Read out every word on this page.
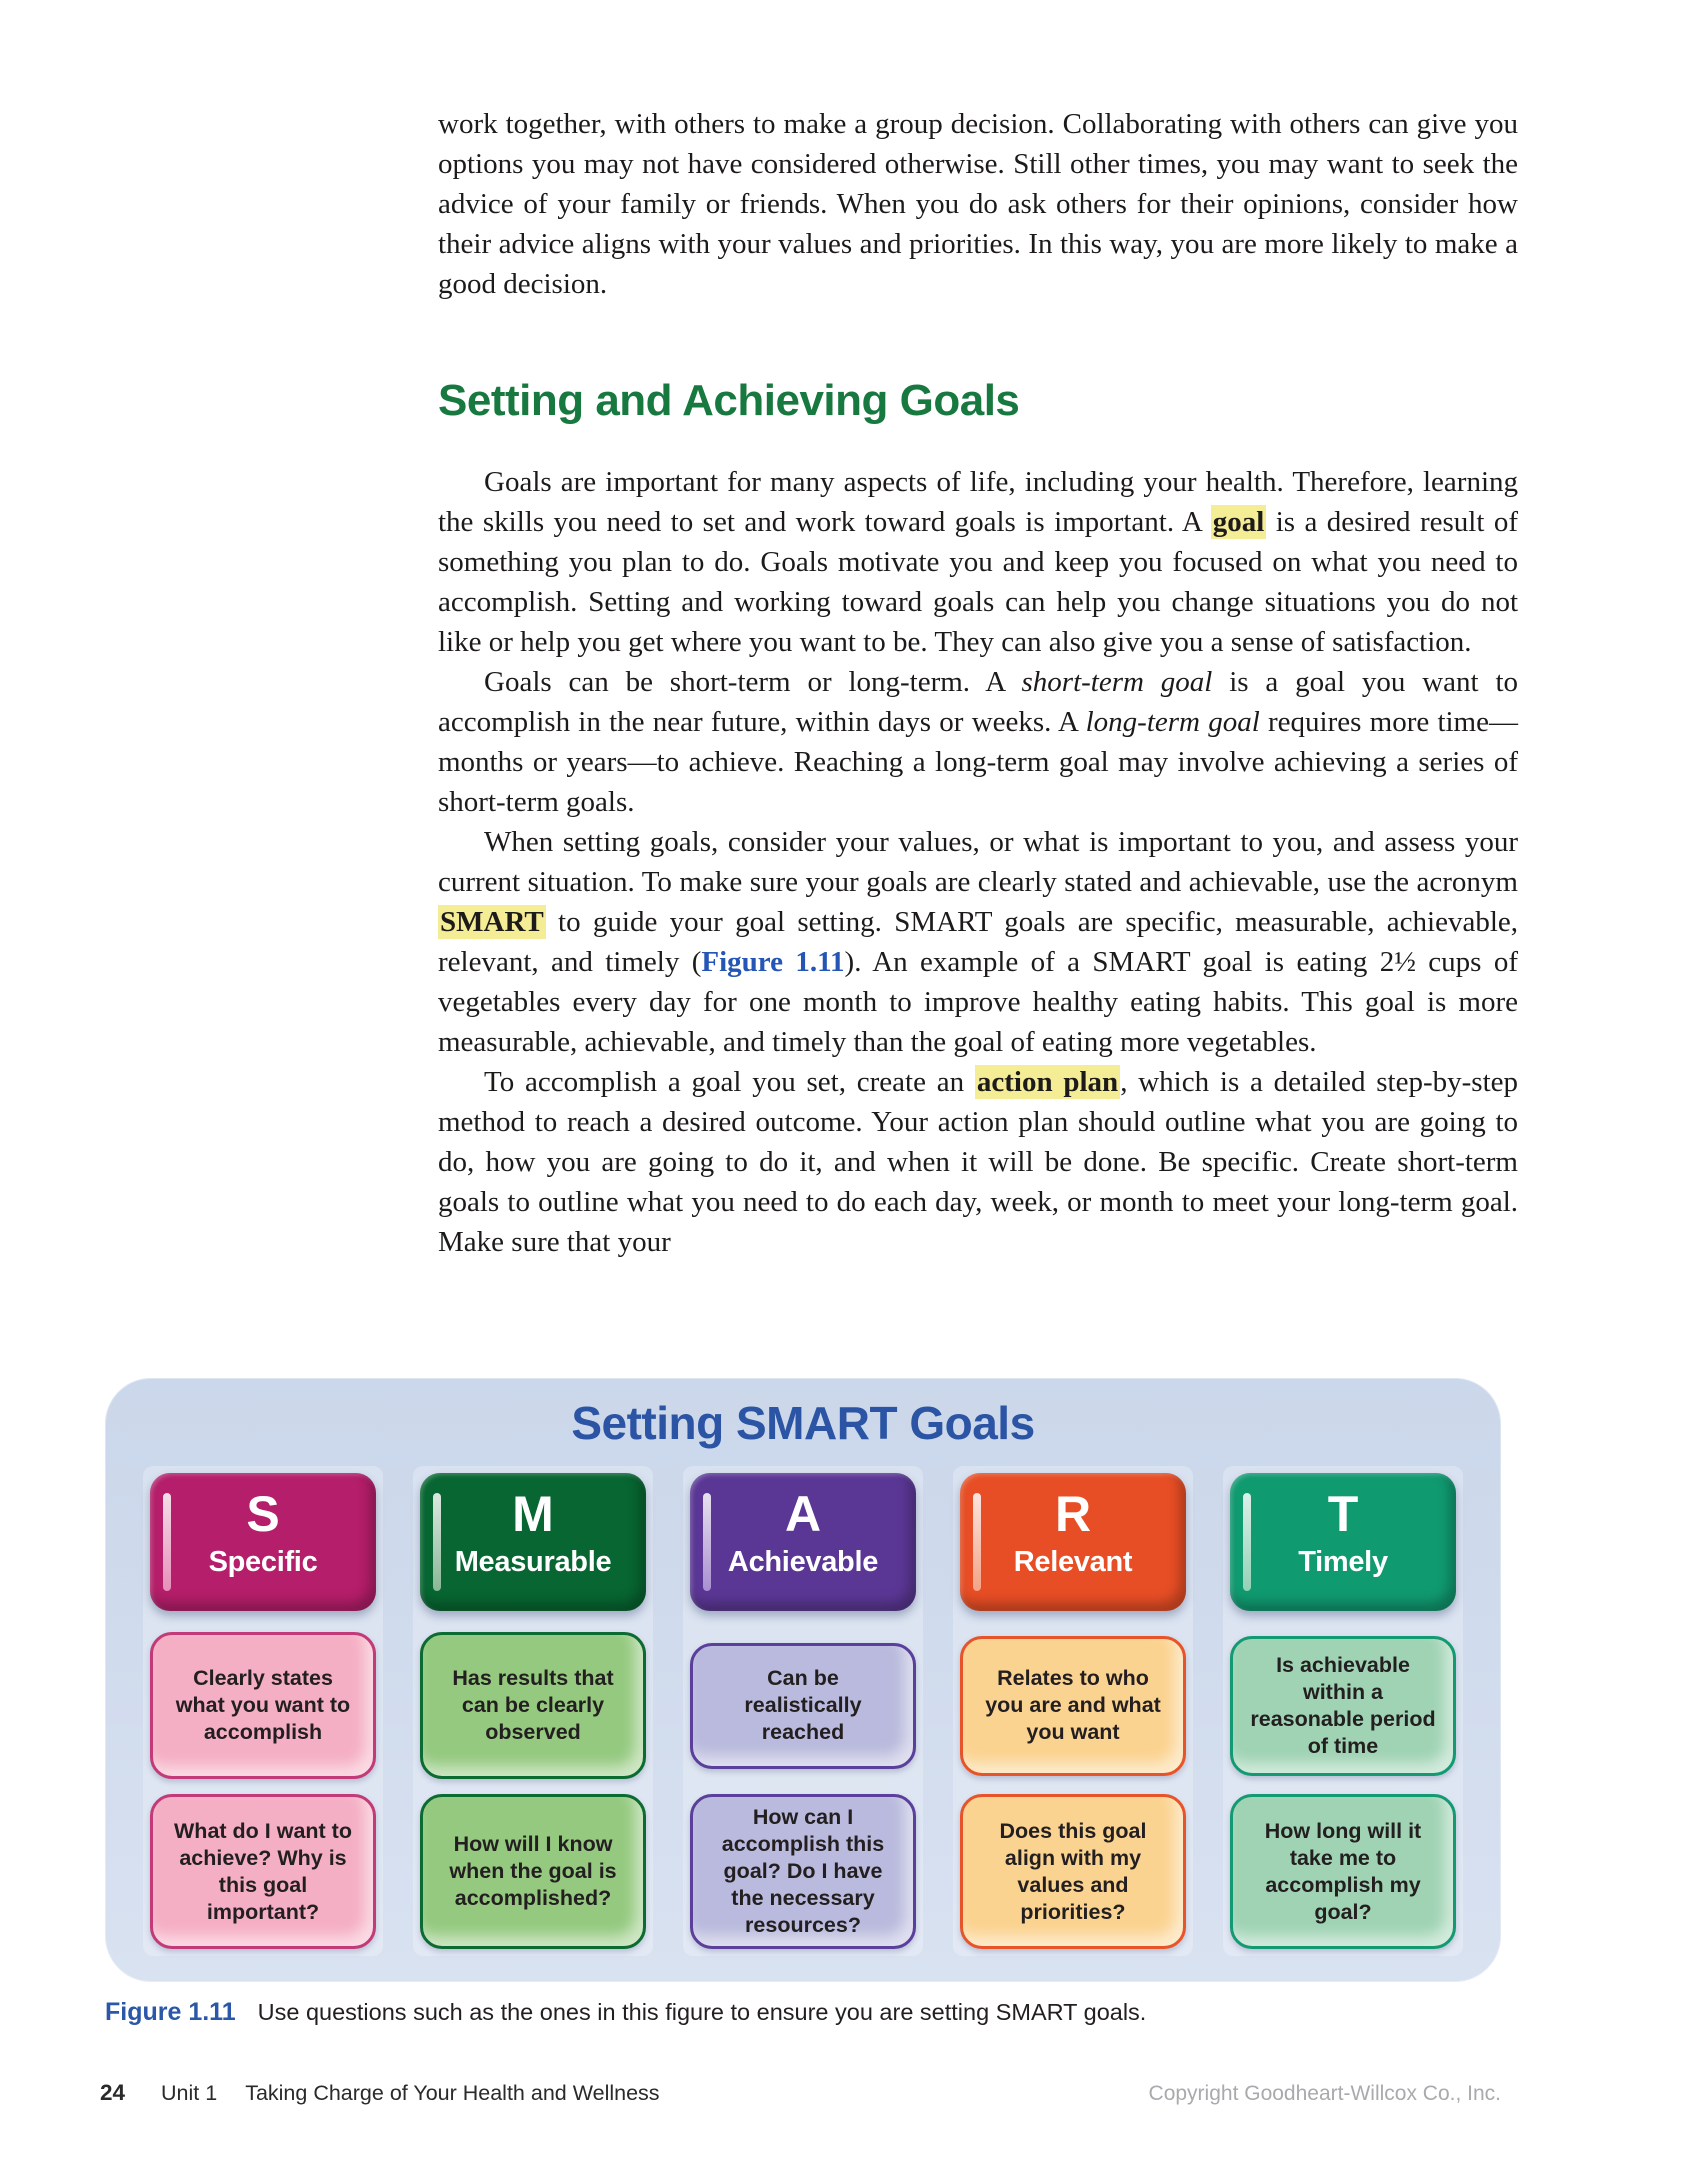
work together, with others to make a group decision. Collaborating with others can give you options you may not have considered otherwise. Still other times, you may want to seek the advice of your family or friends. When you do ask others for their opinions, consider how their advice aligns with your values and priorities. In this way, you are more likely to make a good decision.

Setting and Achieving Goals

Goals are important for many aspects of life, including your health. Therefore, learning the skills you need to set and work toward goals is important. A goal is a desired result of something you plan to do. Goals motivate you and keep you focused on what you need to accomplish. Setting and working toward goals can help you change situations you do not like or help you get where you want to be. They can also give you a sense of satisfaction.

Goals can be short-term or long-term. A short-term goal is a goal you want to accomplish in the near future, within days or weeks. A long-term goal requires more time—months or years—to achieve. Reaching a long-term goal may involve achieving a series of short-term goals.

When setting goals, consider your values, or what is important to you, and assess your current situation. To make sure your goals are clearly stated and achievable, use the acronym SMART to guide your goal setting. SMART goals are specific, measurable, achievable, relevant, and timely (Figure 1.11). An example of a SMART goal is eating 2½ cups of vegetables every day for one month to improve healthy eating habits. This goal is more measurable, achievable, and timely than the goal of eating more vegetables.

To accomplish a goal you set, create an action plan, which is a detailed step-by-step method to reach a desired outcome. Your action plan should outline what you are going to do, how you are going to do it, and when it will be done. Be specific. Create short-term goals to outline what you need to do each day, week, or month to meet your long-term goal. Make sure that your

Setting SMART Goals
S
Specific
Clearly states what you want to accomplish
What do I want to achieve? Why is this goal important?
M
Measurable
Has results that can be clearly observed
How will I know when the goal is accomplished?
A
Achievable
Can be realistically reached
How can I accomplish this goal? Do I have the necessary resources?
R
Relevant
Relates to who you are and what you want
Does this goal align with my values and priorities?
T
Timely
Is achievable within a reasonable period of time
How long will it take me to accomplish my goal?
Figure 1.11 Use questions such as the ones in this figure to ensure you are setting SMART goals.
24 Unit 1 Taking Charge of Your Health and Wellness	Copyright Goodheart-Willcox Co., Inc.
